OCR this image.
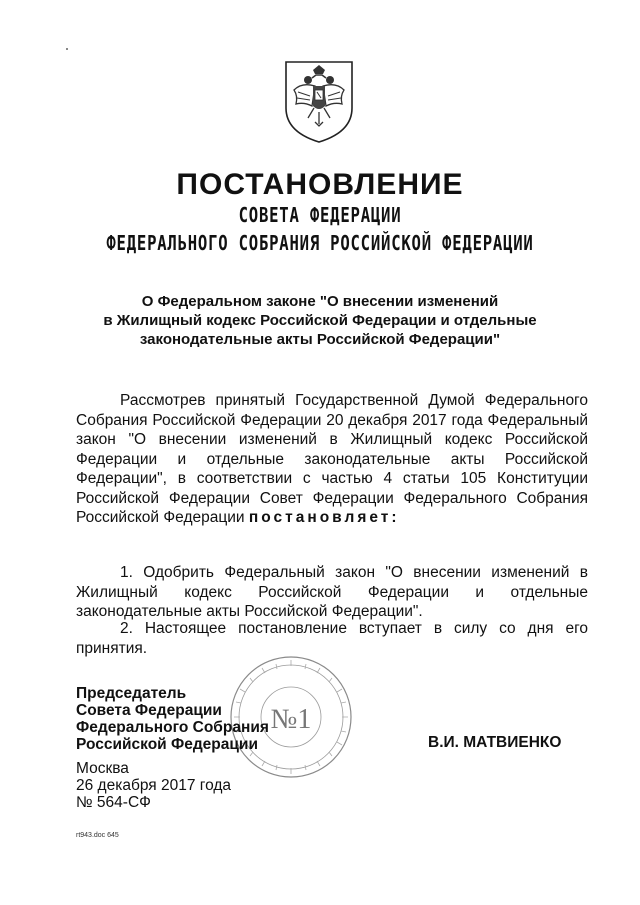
ПОСТАНОВЛЕНИЕ
СОВЕТА ФЕДЕРАЦИИ
ФЕДЕРАЛЬНОГО СОБРАНИЯ РОССИЙСКОЙ ФЕДЕРАЦИИ
О Федеральном законе "О внесении изменений
в Жилищный кодекс Российской Федерации и отдельные
законодательные акты Российской Федерации"
Рассмотрев принятый Государственной Думой Федерального Собрания Российской Федерации 20 декабря 2017 года Федеральный закон "О внесении изменений в Жилищный кодекс Российской Федерации и отдельные законодательные акты Российской Федерации", в соответствии с частью 4 статьи 105 Конституции Российской Федерации Совет Федерации Федерального Собрания Российской Федерации постановляет:
1. Одобрить Федеральный закон "О внесении изменений в Жилищный кодекс Российской Федерации и отдельные законодательные акты Российской Федерации".
2. Настоящее постановление вступает в силу со дня его принятия.
№1
Председатель
Совета Федерации
Федерального Собрания
Российской Федерации	В.И. МАТВИЕНКО
Москва
26 декабря 2017 года
№ 564-СФ
rt943.doc 645
